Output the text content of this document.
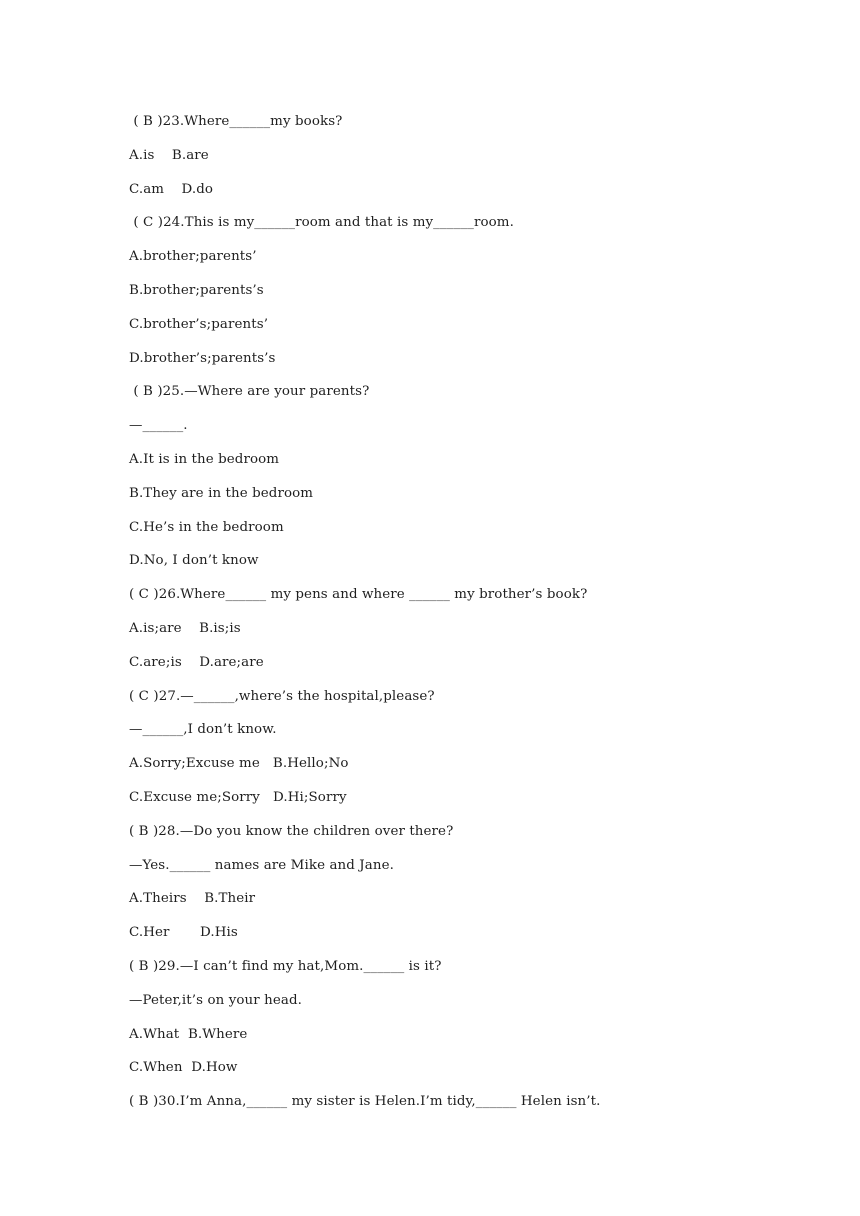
( B )23.Where______my books?
A.is    B.are
C.am    D.do
( C )24.This is my______room and that is my______room.
A.brother;parents’
B.brother;parents’s
C.brother’s;parents’
D.brother’s;parents’s
( B )25.—Where are your parents?
—______.
A.It is in the bedroom
B.They are in the bedroom
C.He’s in the bedroom
D.No, I don’t know
( C )26.Where______ my pens and where ______ my brother’s book?
A.is;are    B.is;is
C.are;is    D.are;are
( C )27.—______,where’s the hospital,please?
—______,I don’t know.
A.Sorry;Excuse me   B.Hello;No
C.Excuse me;Sorry   D.Hi;Sorry
( B )28.—Do you know the children over there?
—Yes.______ names are Mike and Jane.
A.Theirs    B.Their
C.Her       D.His
( B )29.—I can’t find my hat,Mom.______ is it?
—Peter,it’s on your head.
A.What  B.Where
C.When  D.How
( B )30.I’m Anna,______ my sister is Helen.I’m tidy,______ Helen isn’t.
